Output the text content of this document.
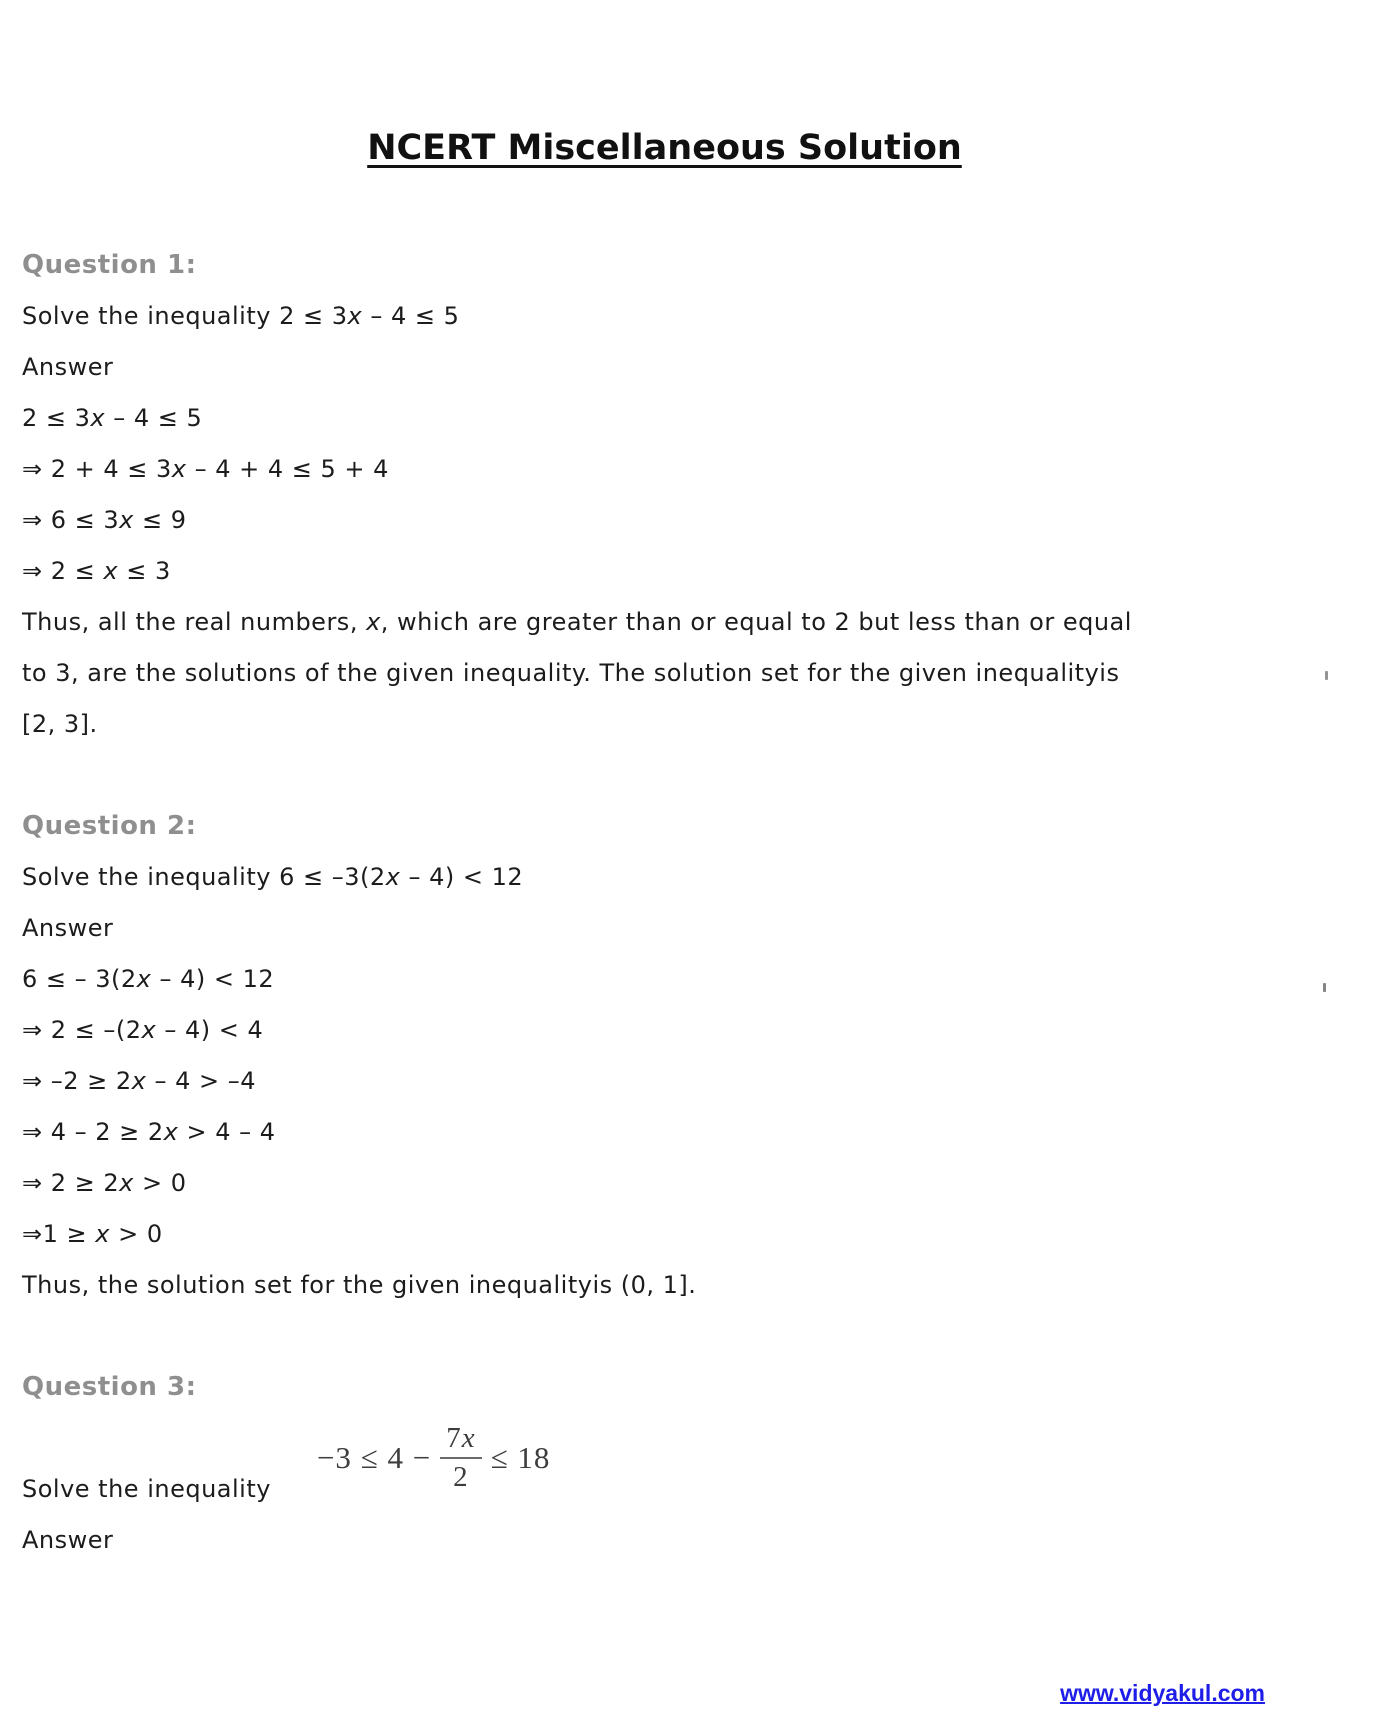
NCERT Miscellaneous Solution
Question 1:
Solve the inequality 2 ≤ 3x – 4 ≤ 5
Answer
2 ≤ 3x – 4 ≤ 5
⇒ 2 + 4 ≤ 3x – 4 + 4 ≤ 5 + 4
⇒ 6 ≤ 3x ≤ 9
⇒ 2 ≤ x ≤ 3
Thus, all the real numbers, x, which are greater than or equal to 2 but less than or equal
to 3, are the solutions of the given inequality. The solution set for the given inequalityis
[2, 3].
Question 2:
Solve the inequality 6 ≤ –3(2x – 4) < 12
Answer
6 ≤ – 3(2x – 4) < 12
⇒ 2 ≤ –(2x – 4) < 4
⇒ –2 ≥ 2x – 4 > –4
⇒ 4 – 2 ≥ 2x > 4 – 4
⇒ 2 ≥ 2x > 0
⇒1 ≥ x > 0
Thus, the solution set for the given inequalityis (0, 1].
Question 3:
Solve the inequality
$-3 \le 4 - \frac{7x}{2} \le 18$
Answer
www.vidyakul.com
